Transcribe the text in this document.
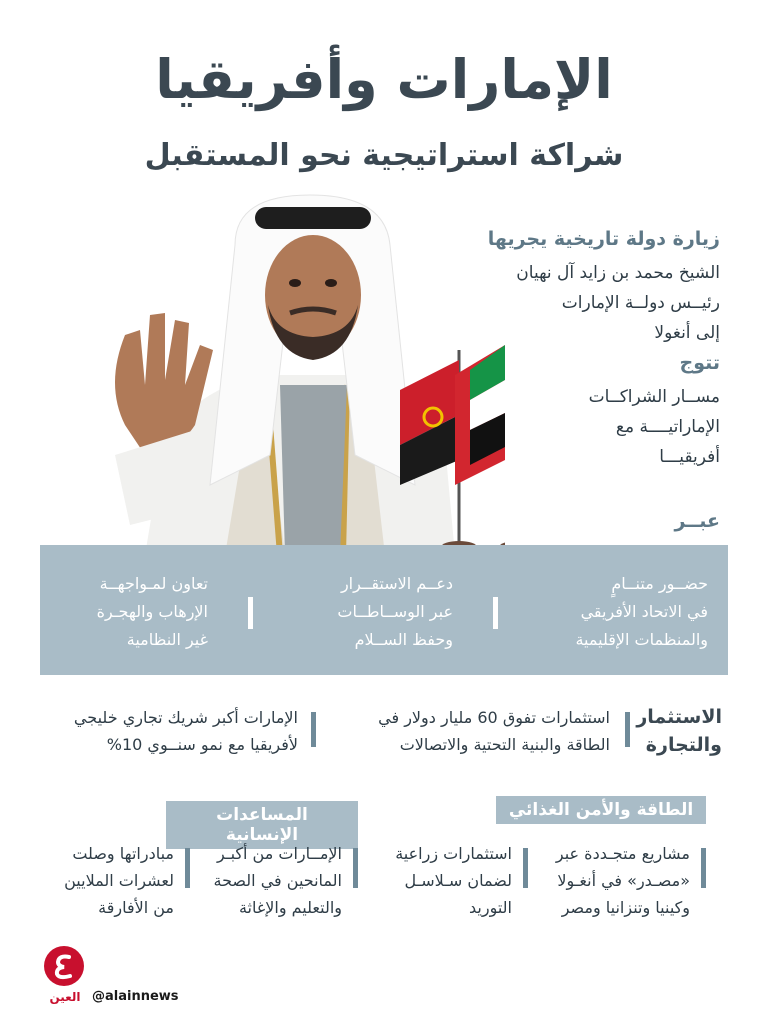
الإمارات وأفريقيا
شراكة استراتيجية نحو المستقبل
زيارة دولة تاريخية يجريها
الشيخ محمد بن زايد آل نهيان
رئيــس دولــة الإمارات
إلى أنغولا
تتوج
مســار الشراكــات
الإماراتيــــة مع
أفريقيـــا
عبــر
حضــور متنــامٍ
في الاتحاد الأفريقي
والمنظمات الإقليمية
دعــم الاستقــرار
عبر الوســاطــات
وحفظ الســلام
تعاون لمـواجهــة
الإرهاب والهجـرة
غير النظامية
الاستثمار
والتجارة
استثمارات تفوق 60 مليار دولار في
الطاقة والبنية التحتية والاتصالات
الإمارات أكبر شريك تجاري خليجي
لأفريقيا مع نمو سنــوي 10%
الطاقة والأمن الغذائي
مشاريع متجـددة عبر
«مصـدر» في أنغـولا
وكينيا وتنزانيا ومصر
استثمارات زراعية
لضمان سـلاسـل
التوريد
المساعدات الإنسانية
الإمــارات من أكبـر
المانحين في الصحة
والتعليم والإغاثة
مبادراتها وصلت
لعشرات الملايين
من الأفارقة
العين @alainnews
